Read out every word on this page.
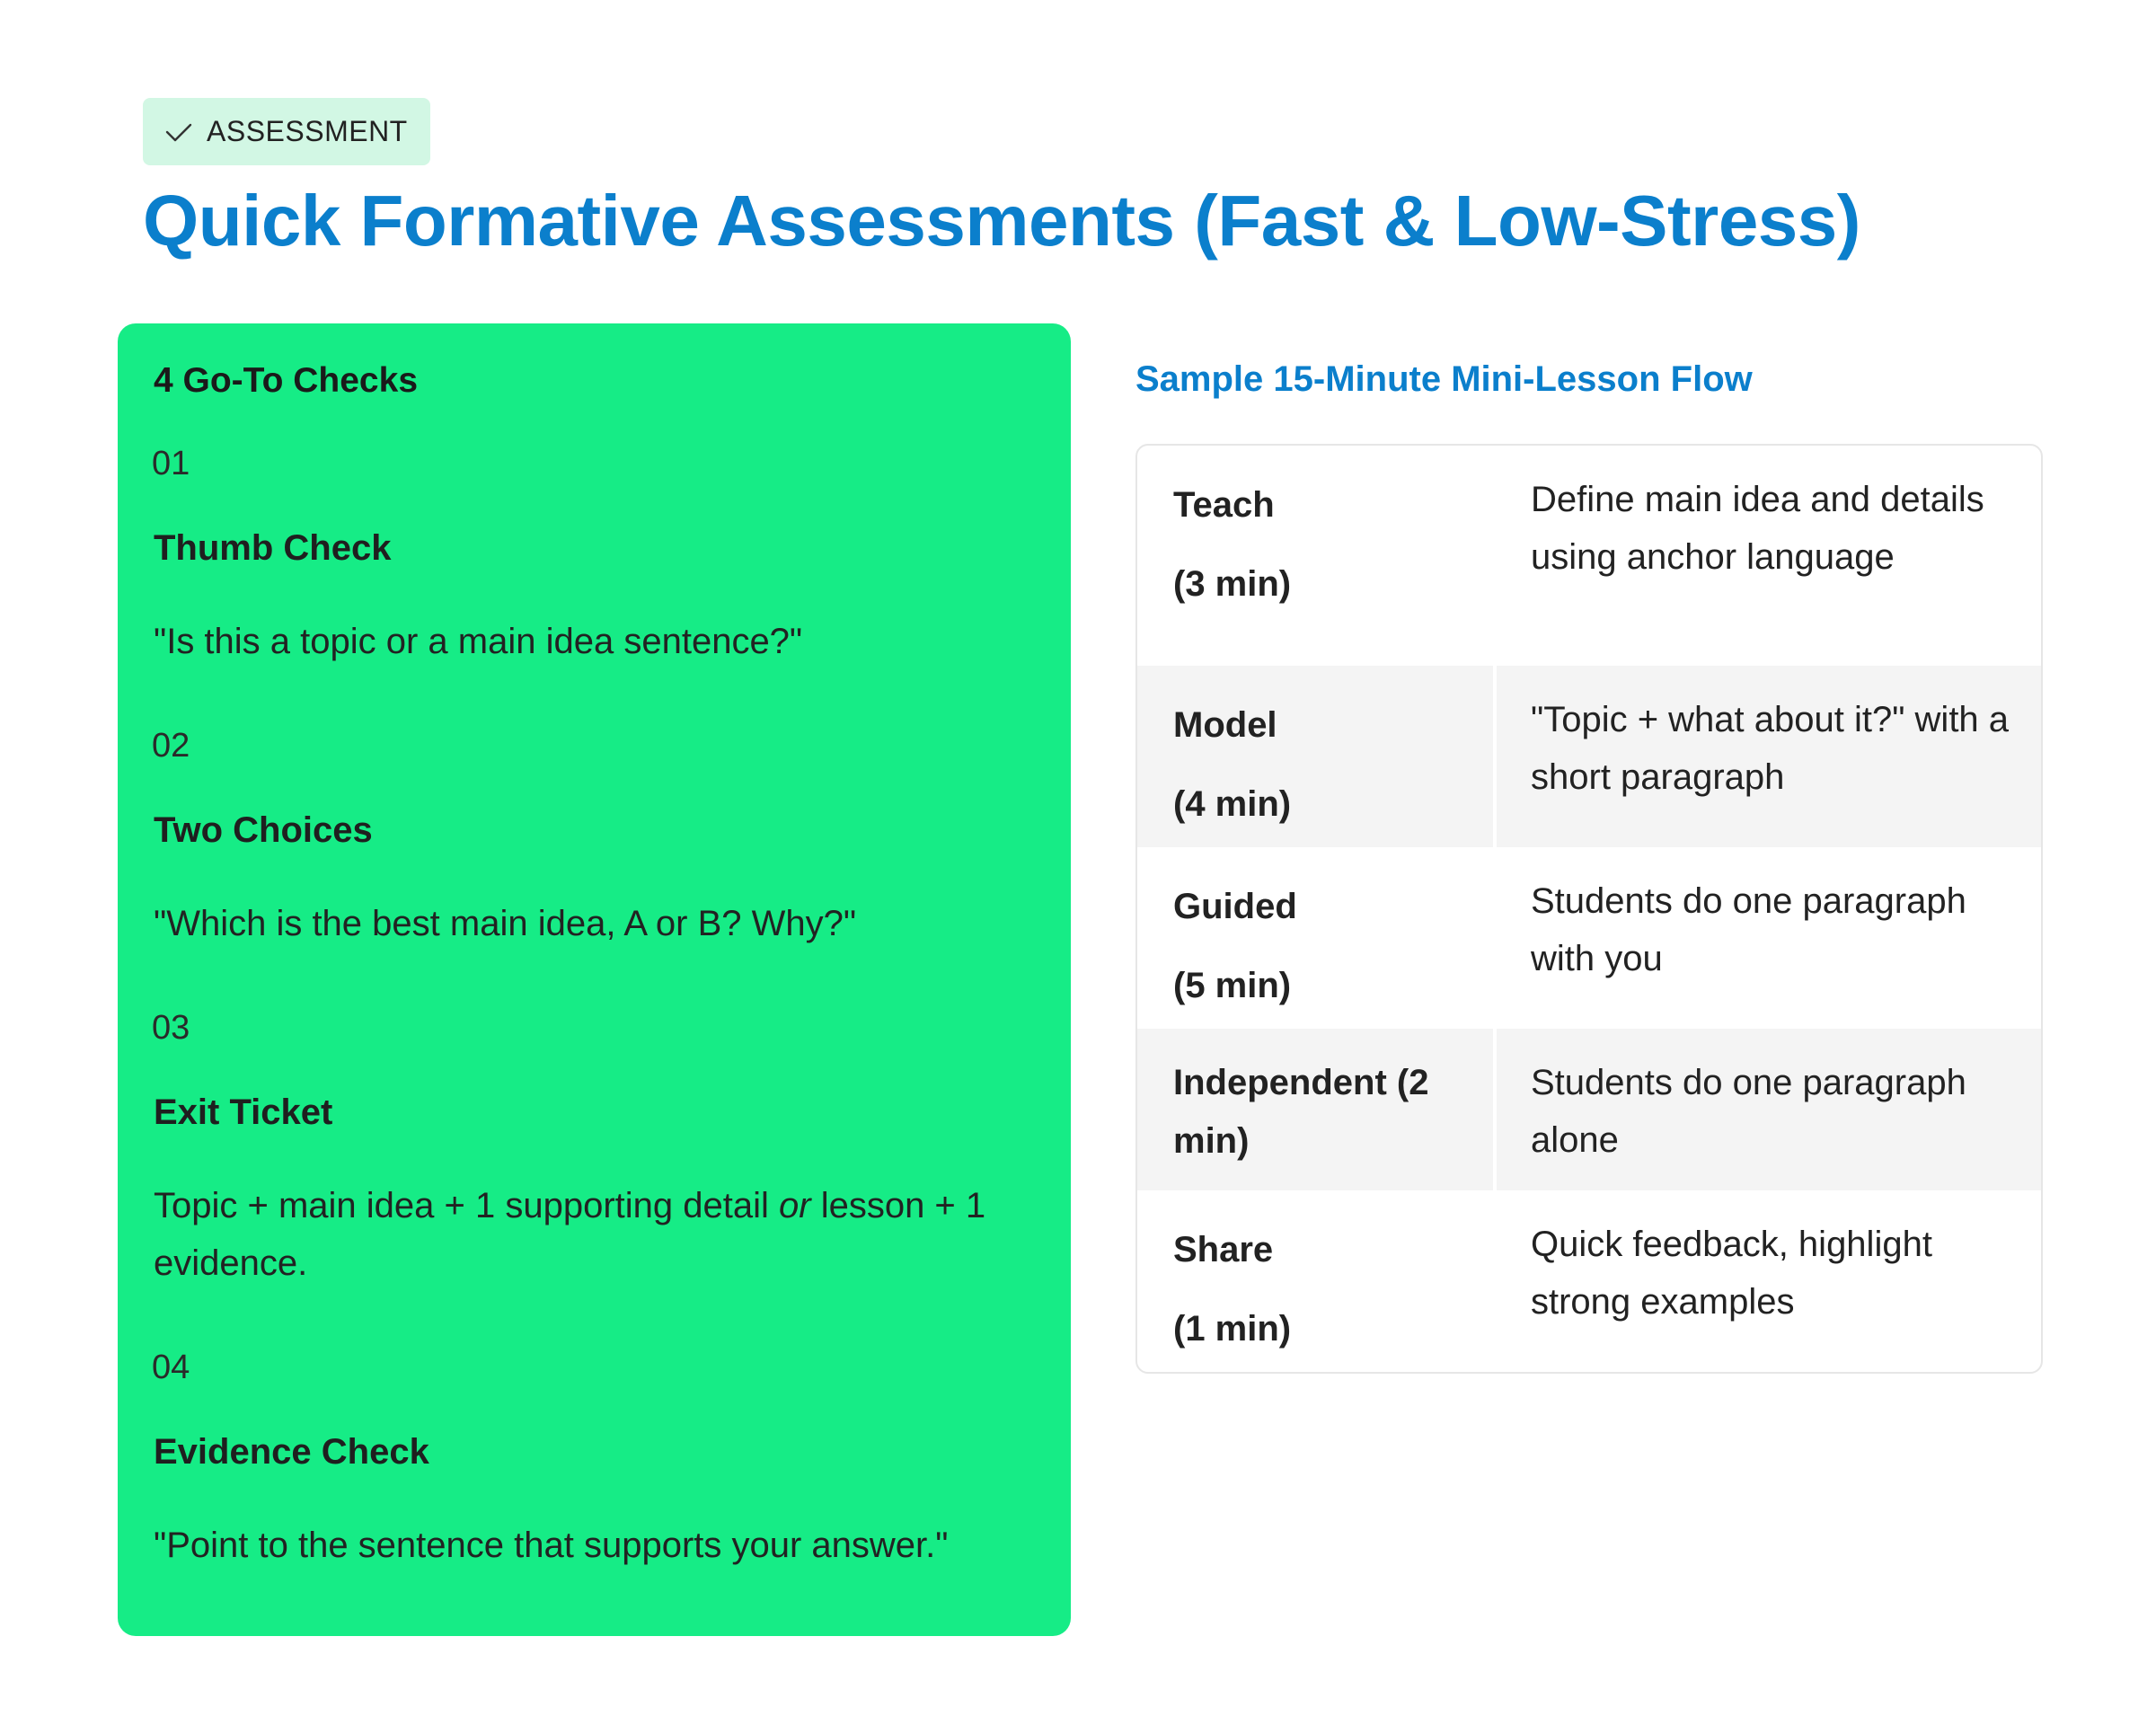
ASSESSMENT
Quick Formative Assessments (Fast & Low-Stress)
4 Go-To Checks
01
Thumb Check
"Is this a topic or a main idea sentence?"
02
Two Choices
"Which is the best main idea, A or B? Why?"
03
Exit Ticket
Topic + main idea + 1 supporting detail or lesson + 1 evidence.
04
Evidence Check
"Point to the sentence that supports your answer."
Sample 15-Minute Mini-Lesson Flow
Teach
(3 min)
Define main idea and details using anchor language
Model
(4 min)
"Topic + what about it?" with a short paragraph
Guided
(5 min)
Students do one paragraph with you
Independent (2 min)
Students do one paragraph alone
Share
(1 min)
Quick feedback, highlight strong examples
